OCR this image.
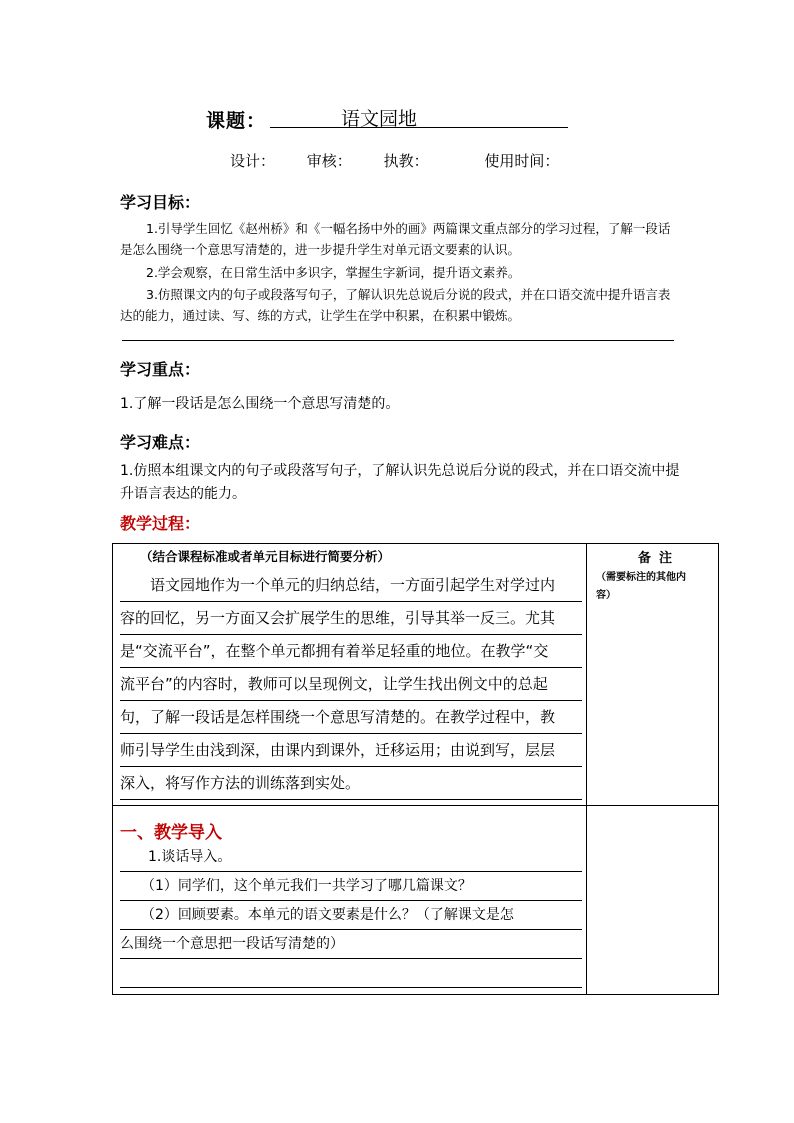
课题：	语文园地
设计： 审核： 执教：	使用时间：
学习目标：
1.引导学生回忆《赵州桥》和《一幅名扬中外的画》两篇课文重点部分的学习过程，了解一段话是怎么围绕一个意思写清楚的，进一步提升学生对单元语文要素的认识。
2.学会观察，在日常生活中多识字，掌握生字新词，提升语文素养。
3.仿照课文内的句子或段落写句子，了解认识先总说后分说的段式，并在口语交流中提升语言表达的能力，通过读、写、练的方式，让学生在学中积累，在积累中锻炼。
学习重点：
1.了解一段话是怎么围绕一个意思写清楚的。
学习难点：
1.仿照本组课文内的句子或段落写句子，了解认识先总说后分说的段式，并在口语交流中提升语言表达的能力。
教学过程：
（结合课程标准或者单元目标进行简要分析）	备注
（需要标注的其他内
容）
　　语文园地作为一个单元的归纳总结，一方面引起学生对学过内
容的回忆，另一方面又会扩展学生的思维，引导其举一反三。尤其
是“交流平台”，在整个单元都拥有着举足轻重的地位。在教学“交
流平台”的内容时，教师可以呈现例文，让学生找出例文中的总起
句，了解一段话是怎样围绕一个意思写清楚的。在教学过程中，教
师引导学生由浅到深，由课内到课外，迁移运用；由说到写，层层
深入，将写作方法的训练落到实处。
一、教学导入
　　1.谈话导入。
　　（1）同学们，这个单元我们一共学习了哪几篇课文？
　　（2）回顾要素。本单元的语文要素是什么？（了解课文是怎
么围绕一个意思把一段话写清楚的）
